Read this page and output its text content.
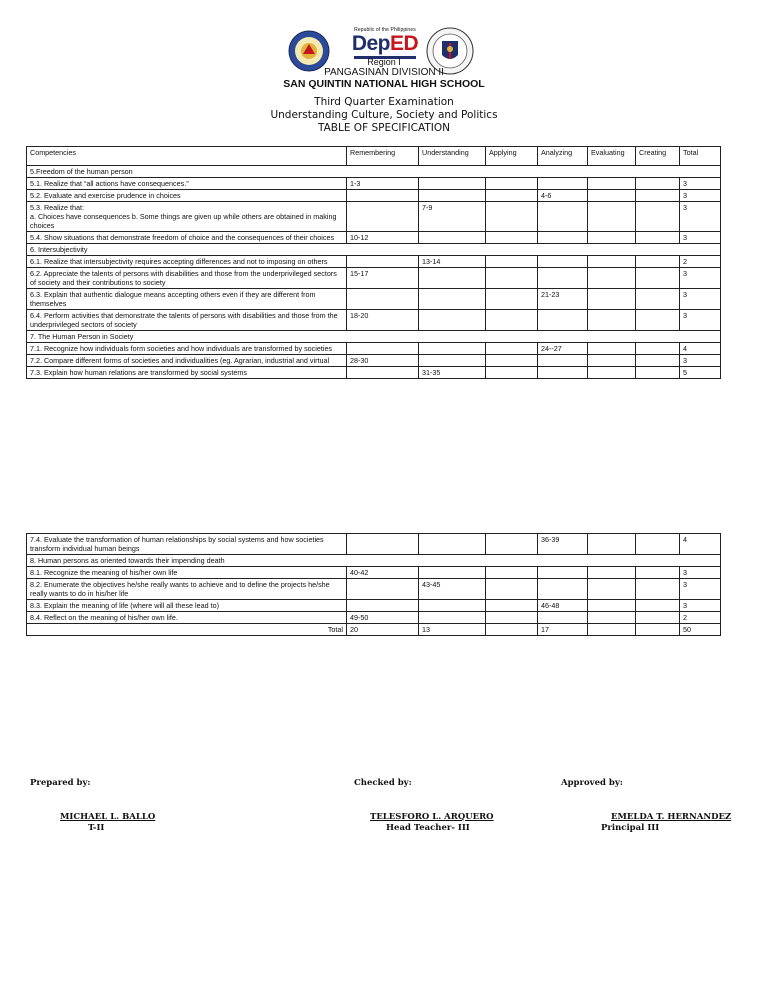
Republic of the Philippines
DepED
Region I
PANGASINAN DIVISION II
SAN QUINTIN NATIONAL HIGH SCHOOL
Third Quarter Examination
Understanding Culture, Society and Politics
TABLE OF SPECIFICATION
Competencies	Remembering	Understanding	Applying	Analyzing	Evaluating	Creating	Total
5.Freedom of the human person							
5.1. Realize that “all actions have consequences.”	1-3						3
5.2. Evaluate and exercise prudence in choices				4-6			3
5.3. Realize that:
a. Choices have consequences b. Some things are given up while others are obtained in making choices		7-9					3
5.4. Show situations that demonstrate freedom of choice and the consequences of their choices	10-12						3
6. Intersubjectivity							
6.1. Realize that intersubjectivity requires accepting differences and not to imposing on others		13-14					2
6.2. Appreciate the talents of persons with disabilities and those from the underprivileged sectors of society and their contributions to society	15-17						3
6.3. Explain that authentic dialogue means accepting others even if they are different from themselves				21-23			3
6.4. Perform activities that demonstrate the talents of persons with disabilities and those from the underprivileged sectors of society	18-20						3
7. The Human Person in Society							
7.1. Recognize how individuals form societies and how individuals are transformed by societies				24--27			4
7.2. Compare different forms of societies and individualities (eg. Agrarian, industrial and virtual	28-30						3
7.3. Explain how human relations are transformed by social systems		31-35					5
7.4. Evaluate the transformation of human relationships by social systems and how societies transform individual human beings				36-39			4
8. Human persons as oriented towards their impending death							
8.1. Recognize the meaning of his/her own life	40-42						3
8.2. Enumerate the objectives he/she really wants to achieve and to define the projects he/she really wants to do in his/her life		43-45					3
8.3. Explain the meaning of life (where will all these lead to)				46-48			3
8.4. Reflect on the meaning of his/her own life.	49-50						2
Total	20	13		17			50
Prepared by:	Checked by:	Approved by:
MICHAEL L. BALLO
T-II
TELESFORO L. ARQUERO
Head Teacher- III
EMELDA T. HERNANDEZ
Principal III
